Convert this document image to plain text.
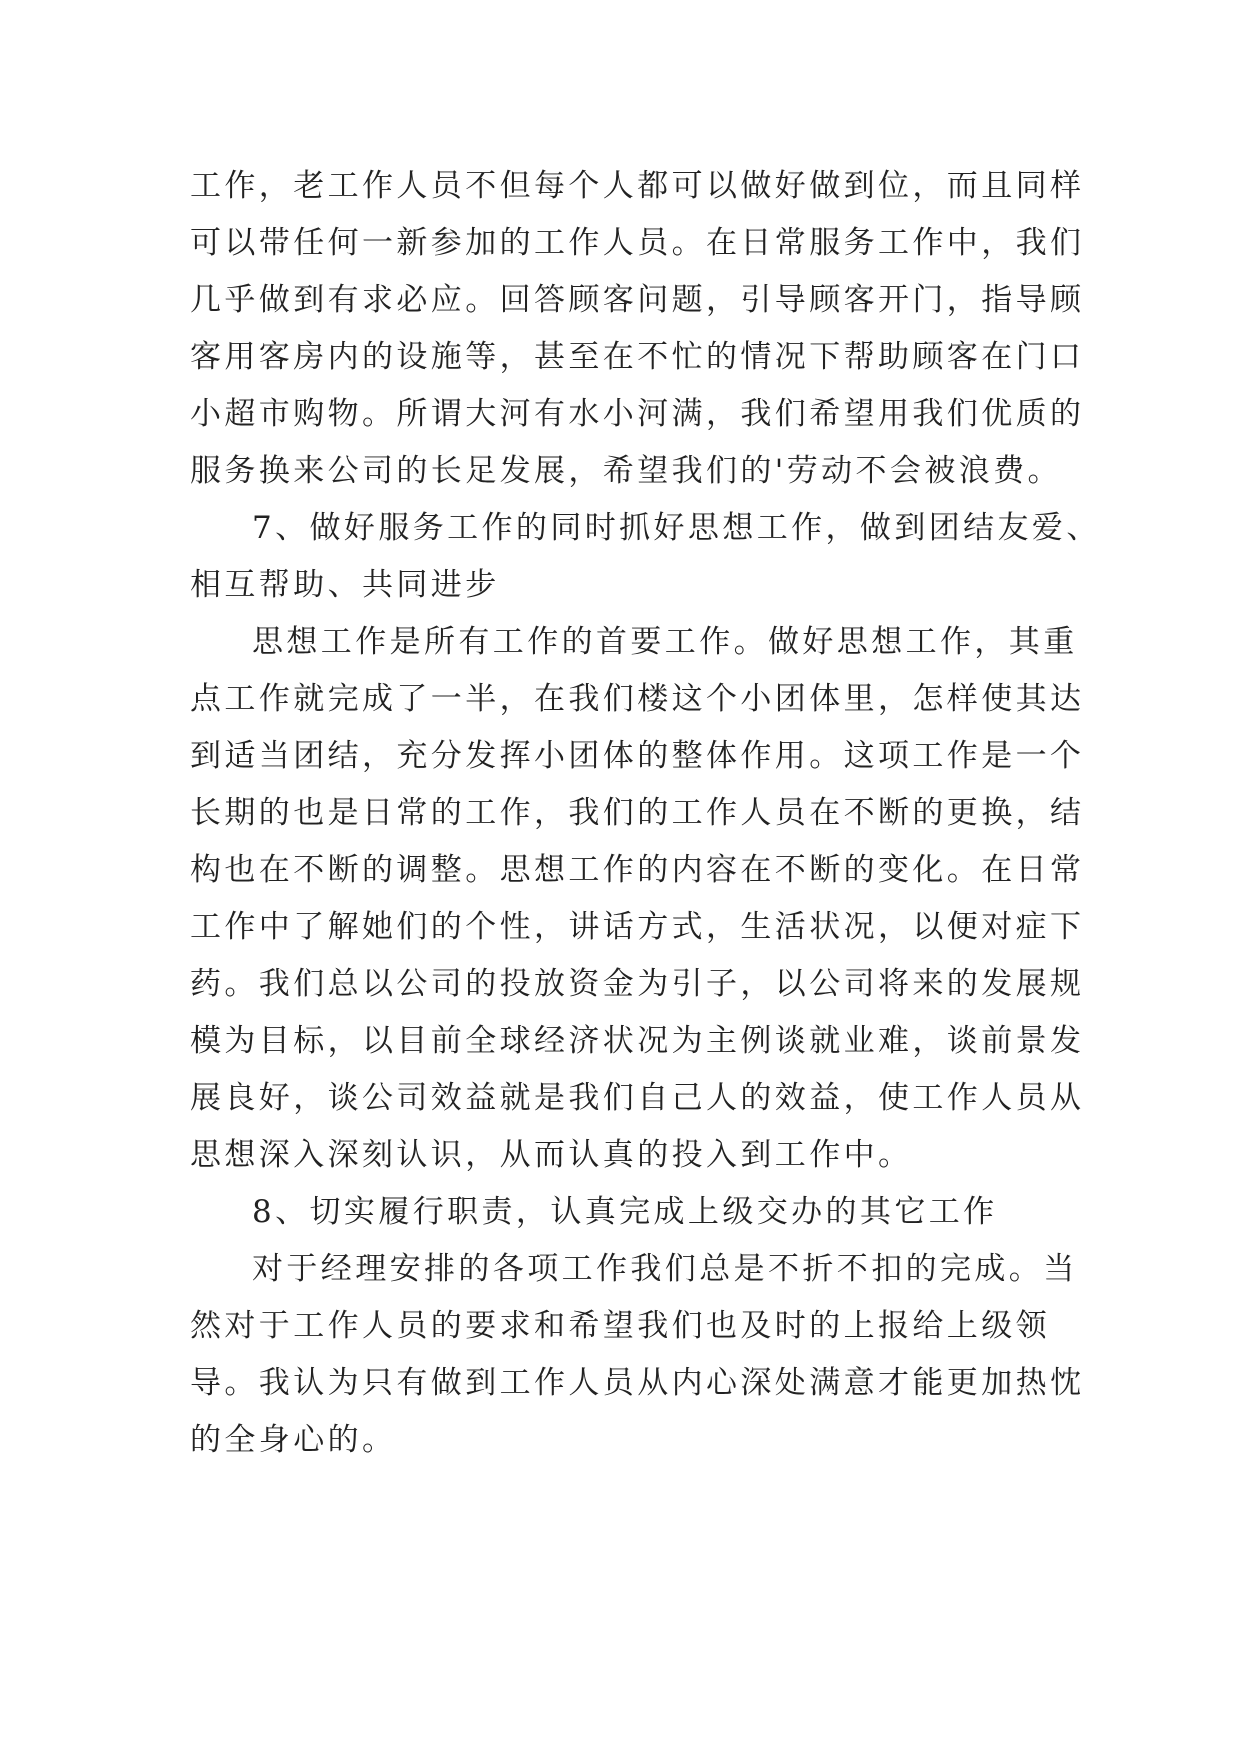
工作，老工作人员不但每个人都可以做好做到位，而且同样
可以带任何一新参加的工作人员。在日常服务工作中，我们
几乎做到有求必应。回答顾客问题，引导顾客开门，指导顾
客用客房内的设施等，甚至在不忙的情况下帮助顾客在门口
小超市购物。所谓大河有水小河满，我们希望用我们优质的
服务换来公司的长足发展，希望我们的'劳动不会被浪费。
7、做好服务工作的同时抓好思想工作，做到团结友爱、
相互帮助、共同进步
思想工作是所有工作的首要工作。做好思想工作，其重
点工作就完成了一半，在我们楼这个小团体里，怎样使其达
到适当团结，充分发挥小团体的整体作用。这项工作是一个
长期的也是日常的工作，我们的工作人员在不断的更换，结
构也在不断的调整。思想工作的内容在不断的变化。在日常
工作中了解她们的个性，讲话方式，生活状况，以便对症下
药。我们总以公司的投放资金为引子，以公司将来的发展规
模为目标，以目前全球经济状况为主例谈就业难，谈前景发
展良好，谈公司效益就是我们自己人的效益，使工作人员从
思想深入深刻认识，从而认真的投入到工作中。
8、切实履行职责，认真完成上级交办的其它工作
对于经理安排的各项工作我们总是不折不扣的完成。当
然对于工作人员的要求和希望我们也及时的上报给上级领
导。我认为只有做到工作人员从内心深处满意才能更加热忱
的全身心的。
